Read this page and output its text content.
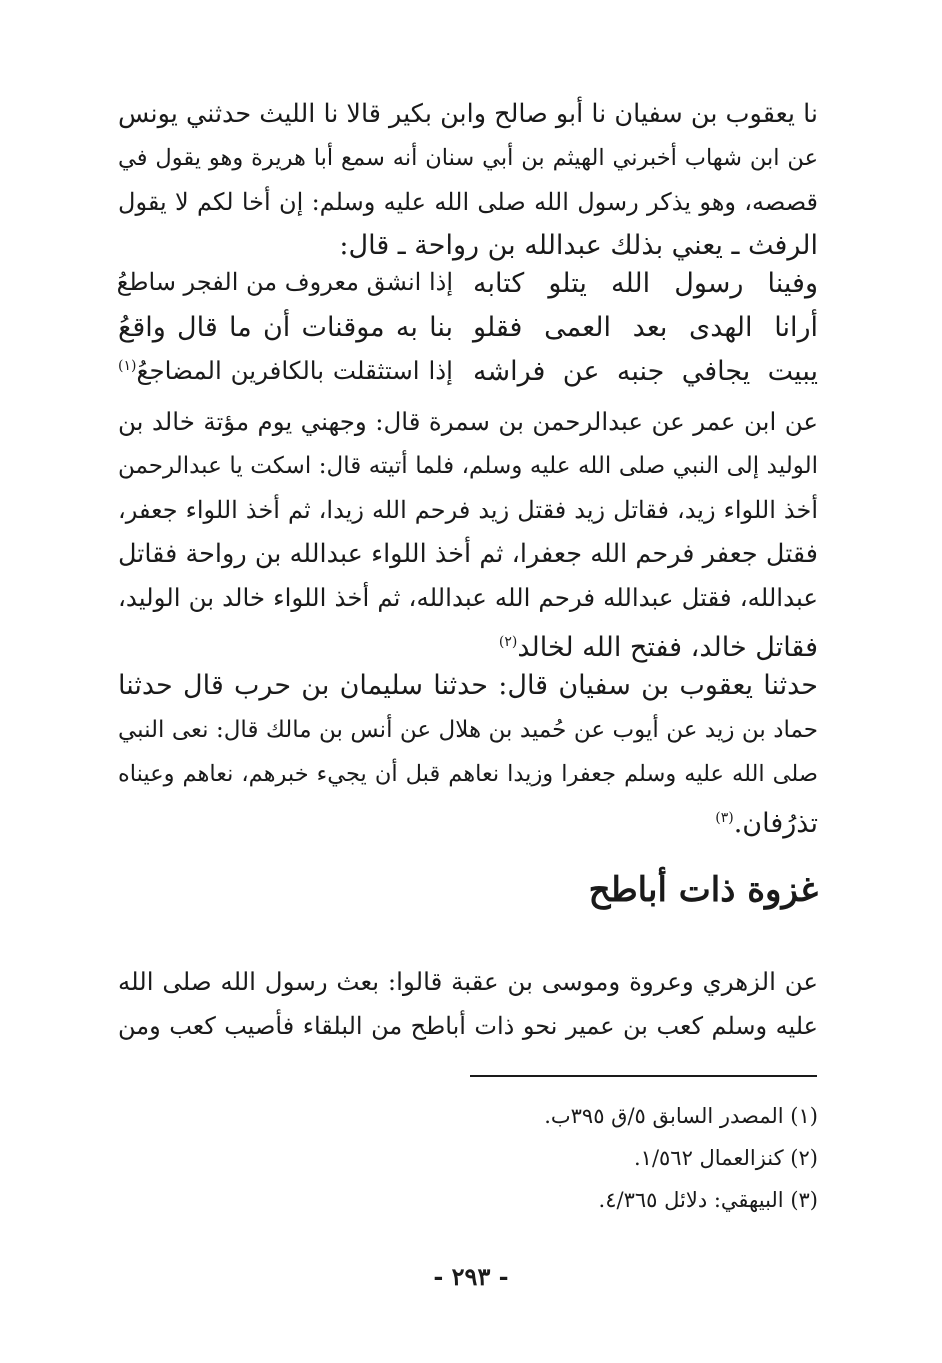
نا يعقوب بن سفيان نا أبو صالح وابن بكير قالا نا الليث حدثني يونس
عن ابن شهاب أخبرني الهيثم بن أبي سنان أنه سمع أبا هريرة وهو يقول في
قصصه، وهو يذكر رسول الله صلى الله عليه وسلم: إن أخا لكم لا يقول
الرفث ـ يعني بذلك عبدالله بن رواحة ـ قال:
وفينا رسول الله يتلو كتابه
إذا انشق معروف من الفجر ساطعُ
أرانا الهدى بعد العمى فقلو
بنا به موقنات أن ما قال واقعُ
يبيت يجافي جنبه عن فراشه
إذا استثقلت بالكافرين المضاجعُ$^{(١)}$
عن ابن عمر عن عبدالرحمن بن سمرة قال: وجهني يوم مؤتة خالد بن
الوليد إلى النبي صلى الله عليه وسلم، فلما أتيته قال: اسكت يا عبدالرحمن
أخذ اللواء زيد، فقاتل زيد فقتل زيد فرحم الله زيدا، ثم أخذ اللواء جعفر،
فقتل جعفر فرحم الله جعفرا، ثم أخذ اللواء عبدالله بن رواحة فقاتل
عبدالله، فقتل عبدالله فرحم الله عبدالله، ثم أخذ اللواء خالد بن الوليد،
فقاتل خالد، ففتح الله لخالد$^{(٢)}$
حدثنا يعقوب بن سفيان قال: حدثنا سليمان بن حرب قال حدثنا
حماد بن زيد عن أيوب عن حُميد بن هلال عن أنس بن مالك قال: نعى النبي
صلى الله عليه وسلم جعفرا وزيدا نعاهم قبل أن يجيء خبرهم، نعاهم وعيناه
تذرُفان.$^{(٣)}$
غزوة ذات أباطح
عن الزهري وعروة وموسى بن عقبة قالوا: بعث رسول الله صلى الله
عليه وسلم كعب بن عمير نحو ذات أباطح من البلقاء فأصيب كعب ومن
(١) المصدر السابق ٥/ق ٣٩٥ب.
(٢) كنزالعمال ١/٥٦٢.
(٣) البيهقي: دلائل ٤/٣٦٥.
- ٢٩٣ -
